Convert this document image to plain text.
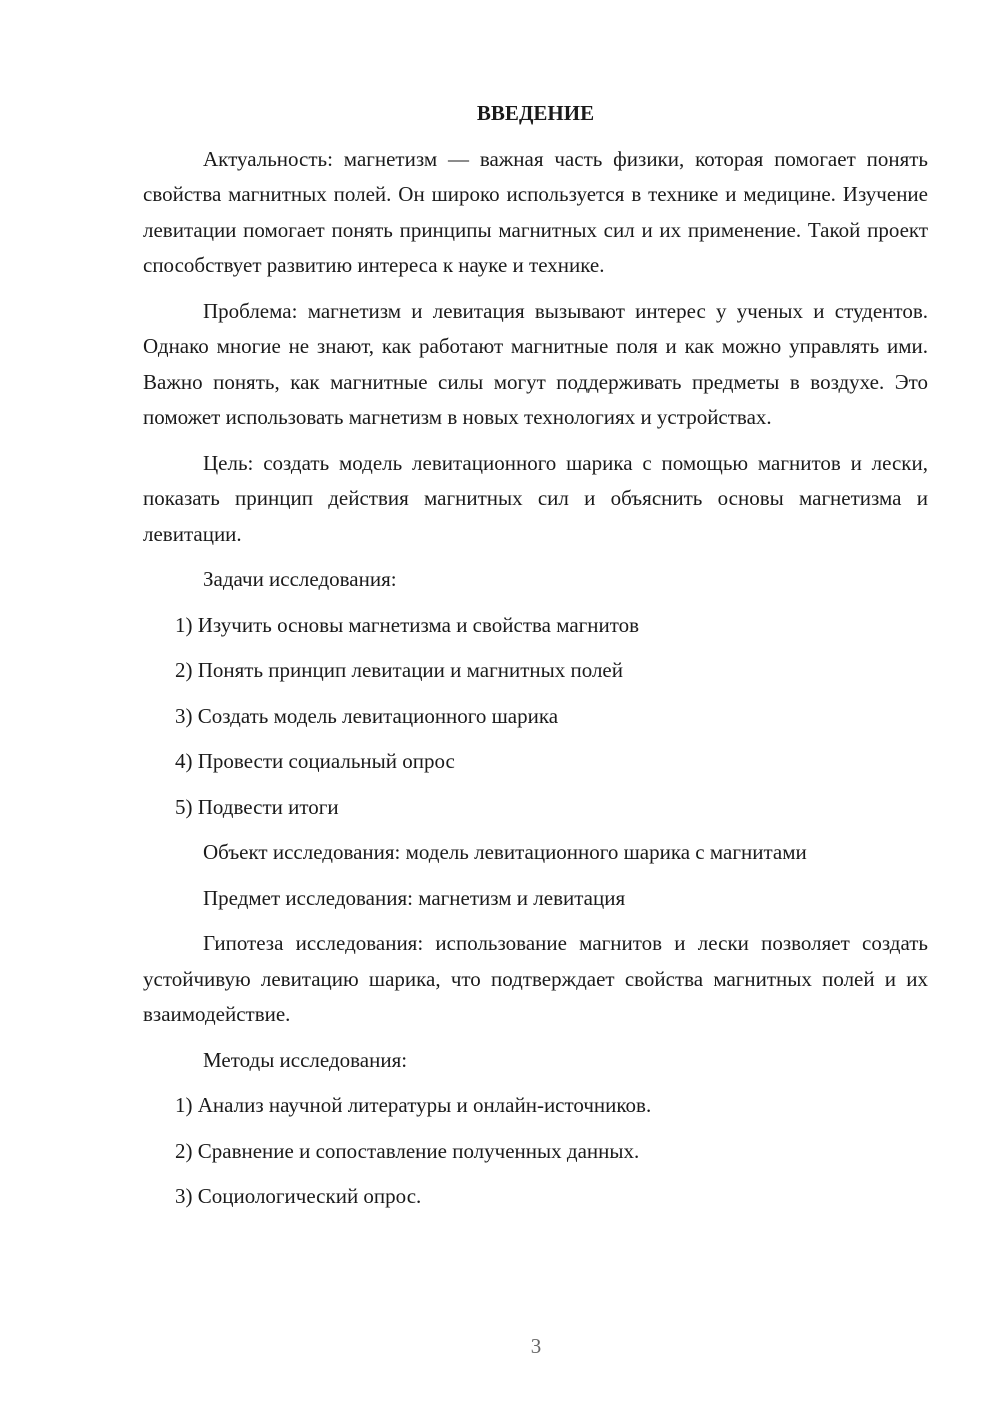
ВВЕДЕНИЕ

Актуальность: магнетизм — важная часть физики, которая помогает понять свойства магнитных полей. Он широко используется в технике и медицине. Изучение левитации помогает понять принципы магнитных сил и их применение. Такой проект способствует развитию интереса к науке и технике.

Проблема: магнетизм и левитация вызывают интерес у ученых и студентов. Однако многие не знают, как работают магнитные поля и как можно управлять ими. Важно понять, как магнитные силы могут поддерживать предметы в воздухе. Это поможет использовать магнетизм в новых технологиях и устройствах.

Цель: создать модель левитационного шарика с помощью магнитов и лески, показать принцип действия магнитных сил и объяснить основы магнетизма и левитации.

Задачи исследования:

1) Изучить основы магнетизма и свойства магнитов

2) Понять принцип левитации и магнитных полей

3) Создать модель левитационного шарика

4) Провести социальный опрос

5) Подвести итоги

Объект исследования: модель левитационного шарика с магнитами

Предмет исследования: магнетизм и левитация

Гипотеза исследования: использование магнитов и лески позволяет создать устойчивую левитацию шарика, что подтверждает свойства магнитных полей и их взаимодействие.

Методы исследования:

1) Анализ научной литературы и онлайн-источников.

2) Сравнение и сопоставление полученных данных.

3) Социологический опрос.

3
